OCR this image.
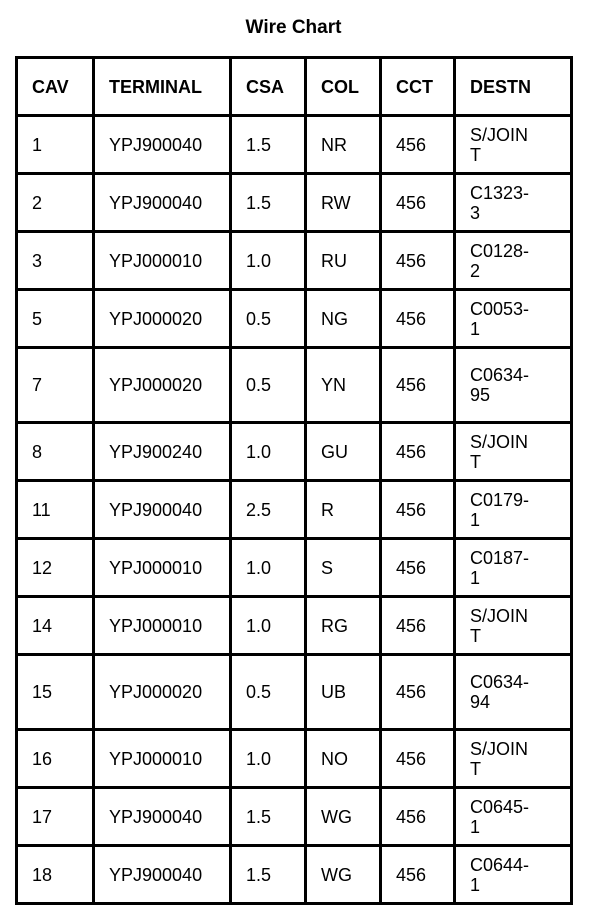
Wire Chart
CAV	TERMINAL	CSA	COL	CCT	DESTN
1	YPJ900040	1.5	NR	456	S/JOINT
2	YPJ900040	1.5	RW	456	C1323-3
3	YPJ000010	1.0	RU	456	C0128-2
5	YPJ000020	0.5	NG	456	C0053-1
7	YPJ000020	0.5	YN	456	C0634-95
8	YPJ900240	1.0	GU	456	S/JOINT
11	YPJ900040	2.5	R	456	C0179-1
12	YPJ000010	1.0	S	456	C0187-1
14	YPJ000010	1.0	RG	456	S/JOINT
15	YPJ000020	0.5	UB	456	C0634-94
16	YPJ000010	1.0	NO	456	S/JOINT
17	YPJ900040	1.5	WG	456	C0645-1
18	YPJ900040	1.5	WG	456	C0644-1
